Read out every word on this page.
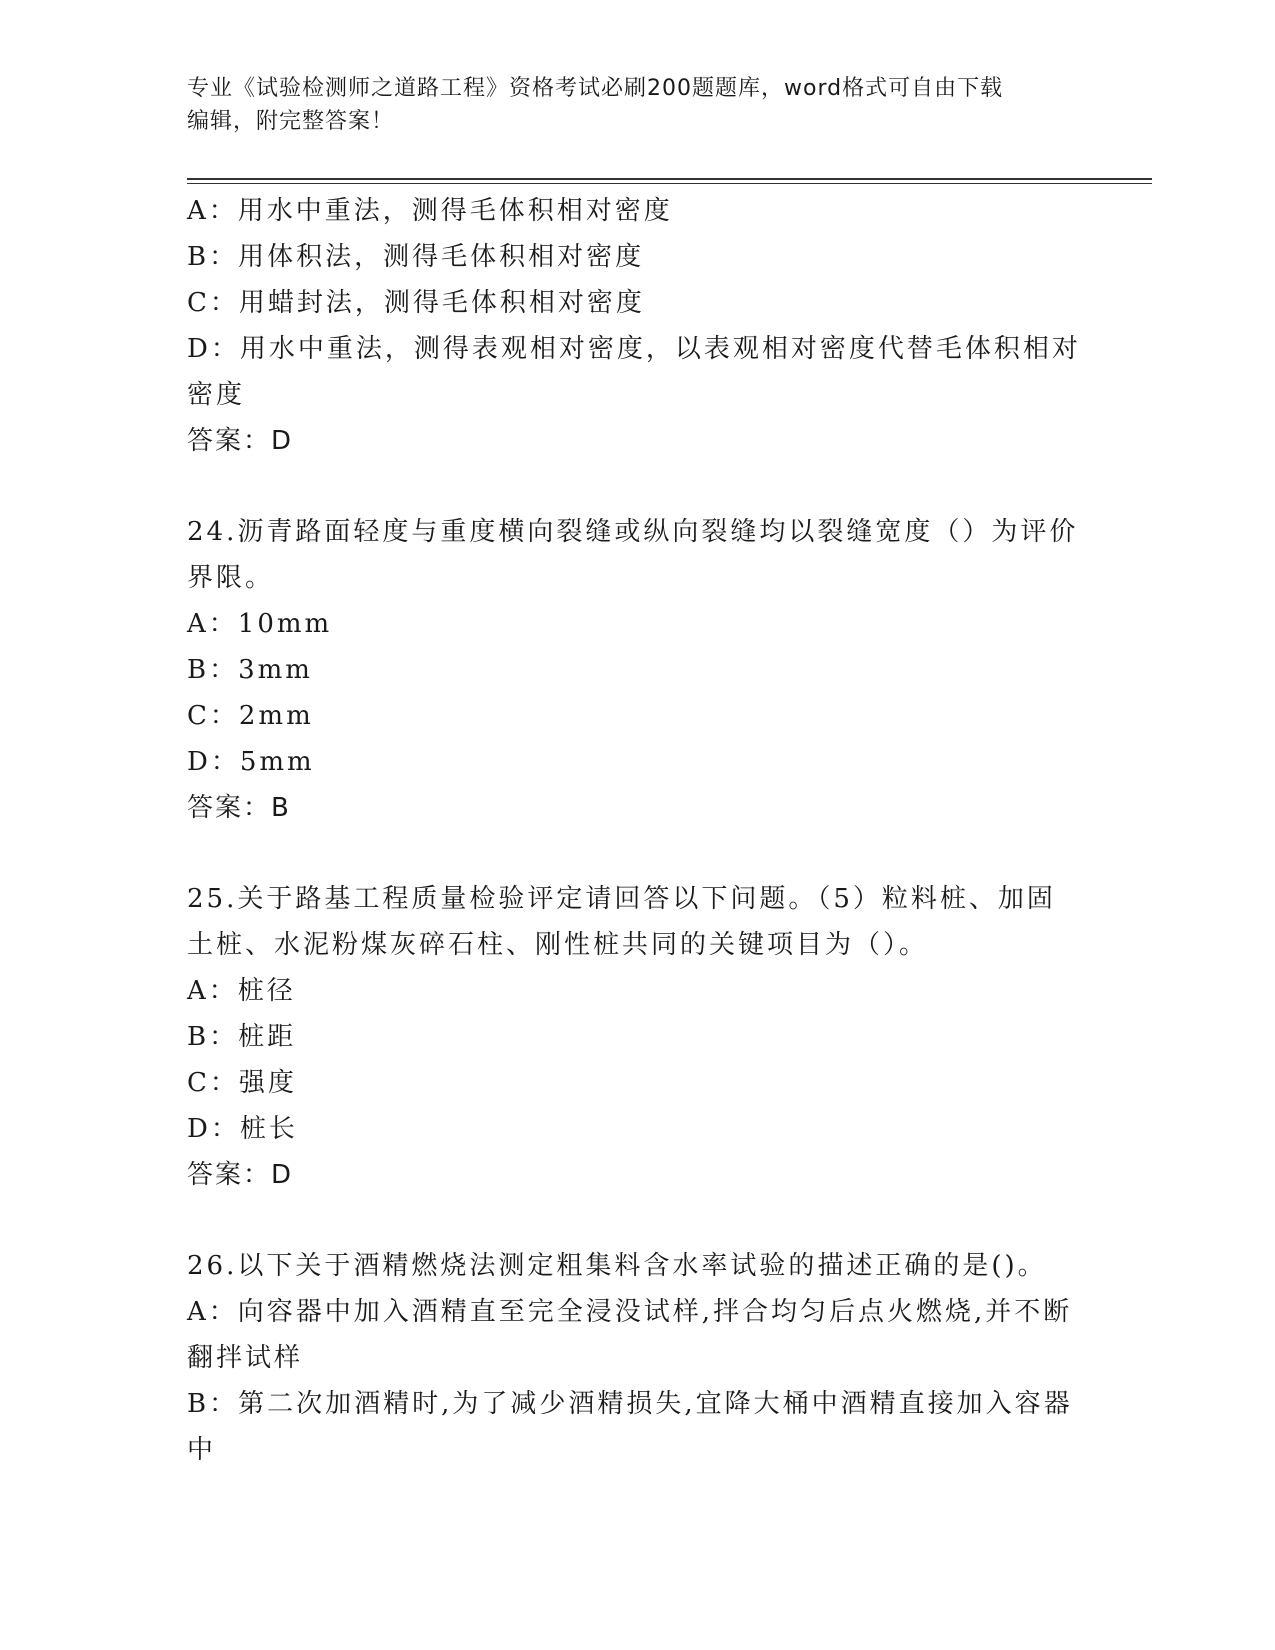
专业《试验检测师之道路工程》资格考试必刷200题题库，word格式可自由下载
编辑，附完整答案！
A：用水中重法，测得毛体积相对密度
B：用体积法，测得毛体积相对密度
C：用蜡封法，测得毛体积相对密度
D：用水中重法，测得表观相对密度，以表观相对密度代替毛体积相对
密度
答案：D
24.沥青路面轻度与重度横向裂缝或纵向裂缝均以裂缝宽度（）为评价
界限。
A：10mm
B：3mm
C：2mm
D：5mm
答案：B
25.关于路基工程质量检验评定请回答以下问题。（5）粒料桩、加固
土桩、水泥粉煤灰碎石柱、刚性桩共同的关键项目为（）。
A：桩径
B：桩距
C：强度
D：桩长
答案：D
26.以下关于酒精燃烧法测定粗集料含水率试验的描述正确的是()。
A：向容器中加入酒精直至完全浸没试样,拌合均匀后点火燃烧,并不断
翻拌试样
B：第二次加酒精时,为了减少酒精损失,宜降大桶中酒精直接加入容器
中
